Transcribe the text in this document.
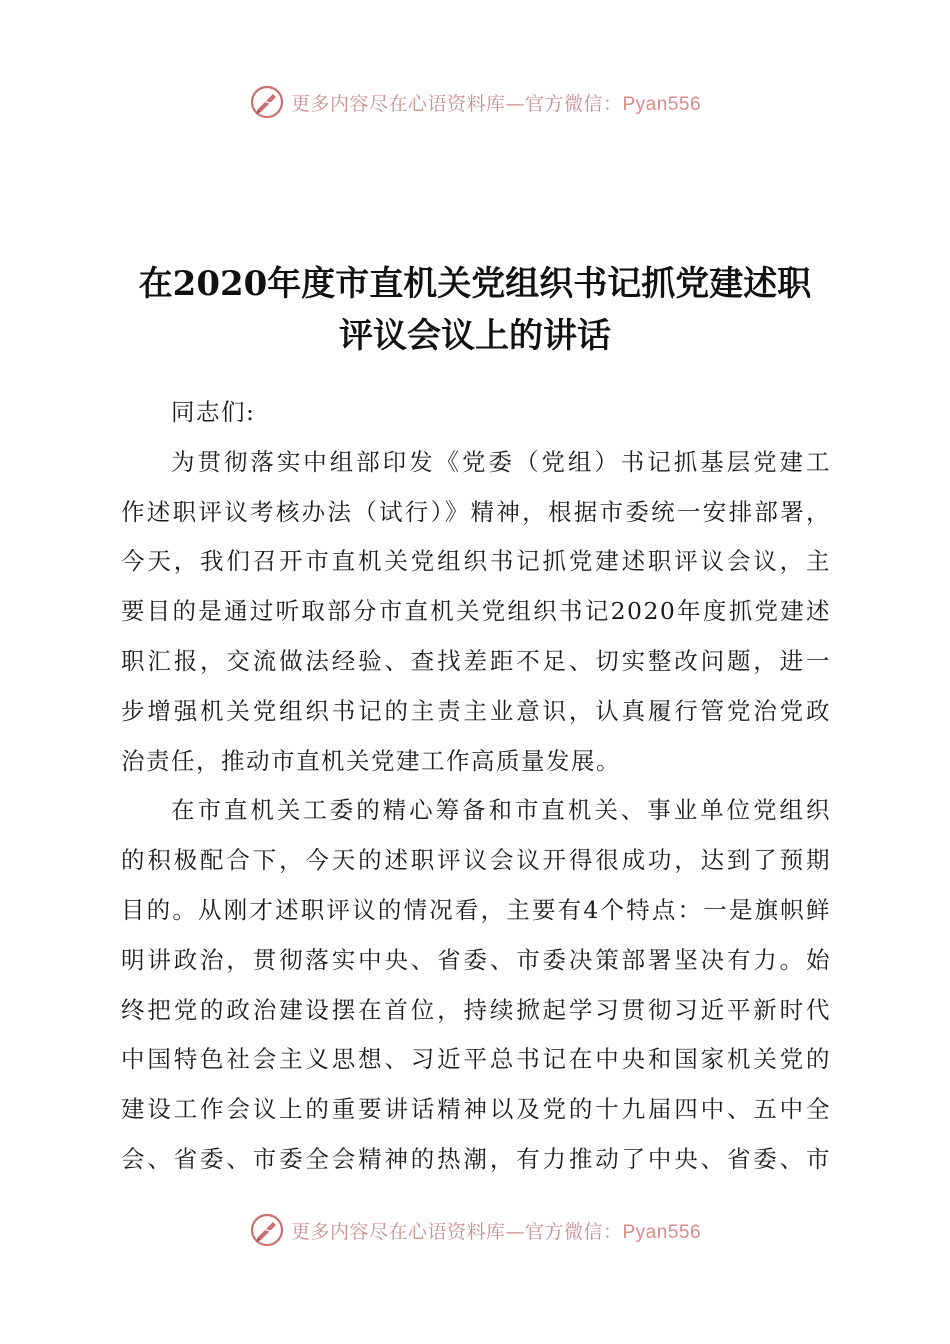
更多内容尽在心语资料库—官方微信：Pyan556
在2020年度市直机关党组织书记抓党建述职
评议会议上的讲话
同志们:
为贯彻落实中组部印发《党委（党组）书记抓基层党建工
作述职评议考核办法（试行）》精神，根据市委统一安排部署，
今天，我们召开市直机关党组织书记抓党建述职评议会议，主
要目的是通过听取部分市直机关党组织书记2020年度抓党建述
职汇报，交流做法经验、查找差距不足、切实整改问题，进一
步增强机关党组织书记的主责主业意识，认真履行管党治党政
治责任，推动市直机关党建工作高质量发展。
在市直机关工委的精心筹备和市直机关、事业单位党组织
的积极配合下，今天的述职评议会议开得很成功，达到了预期
目的。从刚才述职评议的情况看，主要有4个特点：一是旗帜鲜
明讲政治，贯彻落实中央、省委、市委决策部署坚决有力。始
终把党的政治建设摆在首位，持续掀起学习贯彻习近平新时代
中国特色社会主义思想、习近平总书记在中央和国家机关党的
建设工作会议上的重要讲话精神以及党的十九届四中、五中全
会、省委、市委全会精神的热潮，有力推动了中央、省委、市
更多内容尽在心语资料库—官方微信：Pyan556
